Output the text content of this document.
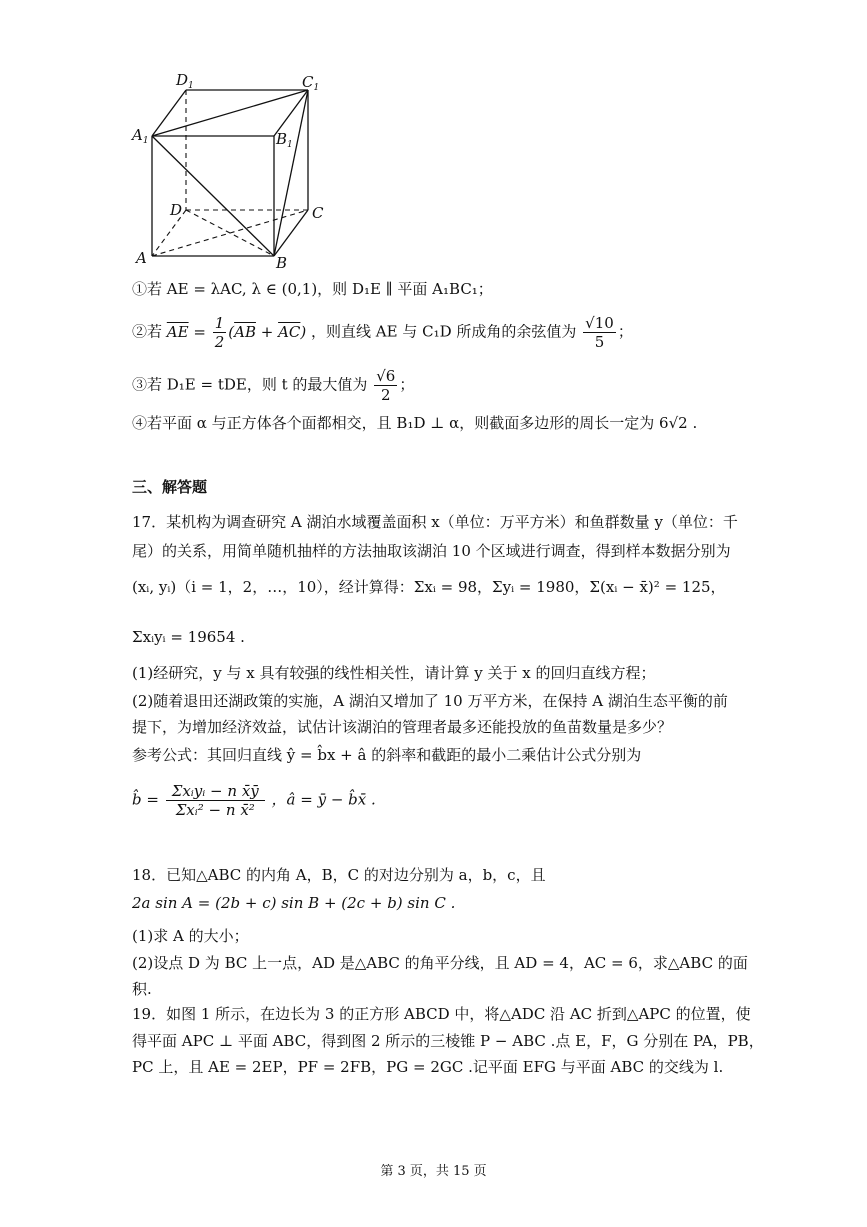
$D_1$	$C_1$
$A_1$	$B_1$
D	C
A	B
①若 AE = λAC, λ ∈ (0,1)，则 D₁E ∥ 平面 A₁BC₁；
②若 $\overline{AE} = \frac{1}{2} (\overline{AB} + \overline{AC})$ ，则直线 AE 与 C₁D 所成角的余弦值为 $\frac{√10}{5}$ ；
③若 D₁E = tDE，则 t 的最大值为 $\frac{√6}{2}$ ；
④若平面 α 与正方体各个面都相交，且 B₁D ⊥ α，则截面多边形的周长一定为 6√2 .
三、解答题
17．某机构为调查研究 A 湖泊水域覆盖面积 x（单位：万平方米）和鱼群数量 y（单位：千
尾）的关系，用简单随机抽样的方法抽取该湖泊 10 个区域进行调查，得到样本数据分别为
(xᵢ, yᵢ)（i = 1，2，…，10），经计算得：Σxᵢ = 98，Σyᵢ = 1980，Σ(xᵢ − x̄)² = 125，
Σxᵢyᵢ = 19654 .
(1)经研究，y 与 x 具有较强的线性相关性，请计算 y 关于 x 的回归直线方程；
(2)随着退田还湖政策的实施，A 湖泊又增加了 10 万平方米，在保持 A 湖泊生态平衡的前
提下，为增加经济效益，试估计该湖泊的管理者最多还能投放的鱼苗数量是多少？
参考公式：其回归直线 ŷ = b̂x + â 的斜率和截距的最小二乘估计公式分别为
b̂ = $\frac{\text{Σxᵢyᵢ − n x̄ȳ}}{\text{Σxᵢ² − n x̄²}}$ ，â = ȳ − b̂x̄ .
18．已知△ABC 的内角 A，B，C 的对边分别为 a，b，c，且
2a sin A = (2b + c) sin B + (2c + b) sin C .
(1)求 A 的大小；
(2)设点 D 为 BC 上一点，AD 是△ABC 的角平分线，且 AD = 4，AC = 6，求△ABC 的面
积.
19．如图 1 所示，在边长为 3 的正方形 ABCD 中，将△ADC 沿 AC 折到△APC 的位置，使
得平面 APC ⊥ 平面 ABC，得到图 2 所示的三棱锥 P − ABC .点 E，F，G 分别在 PA，PB，
PC 上，且 AE = 2EP，PF = 2FB，PG = 2GC .记平面 EFG 与平面 ABC 的交线为 l.
第 3 页，共 15 页
